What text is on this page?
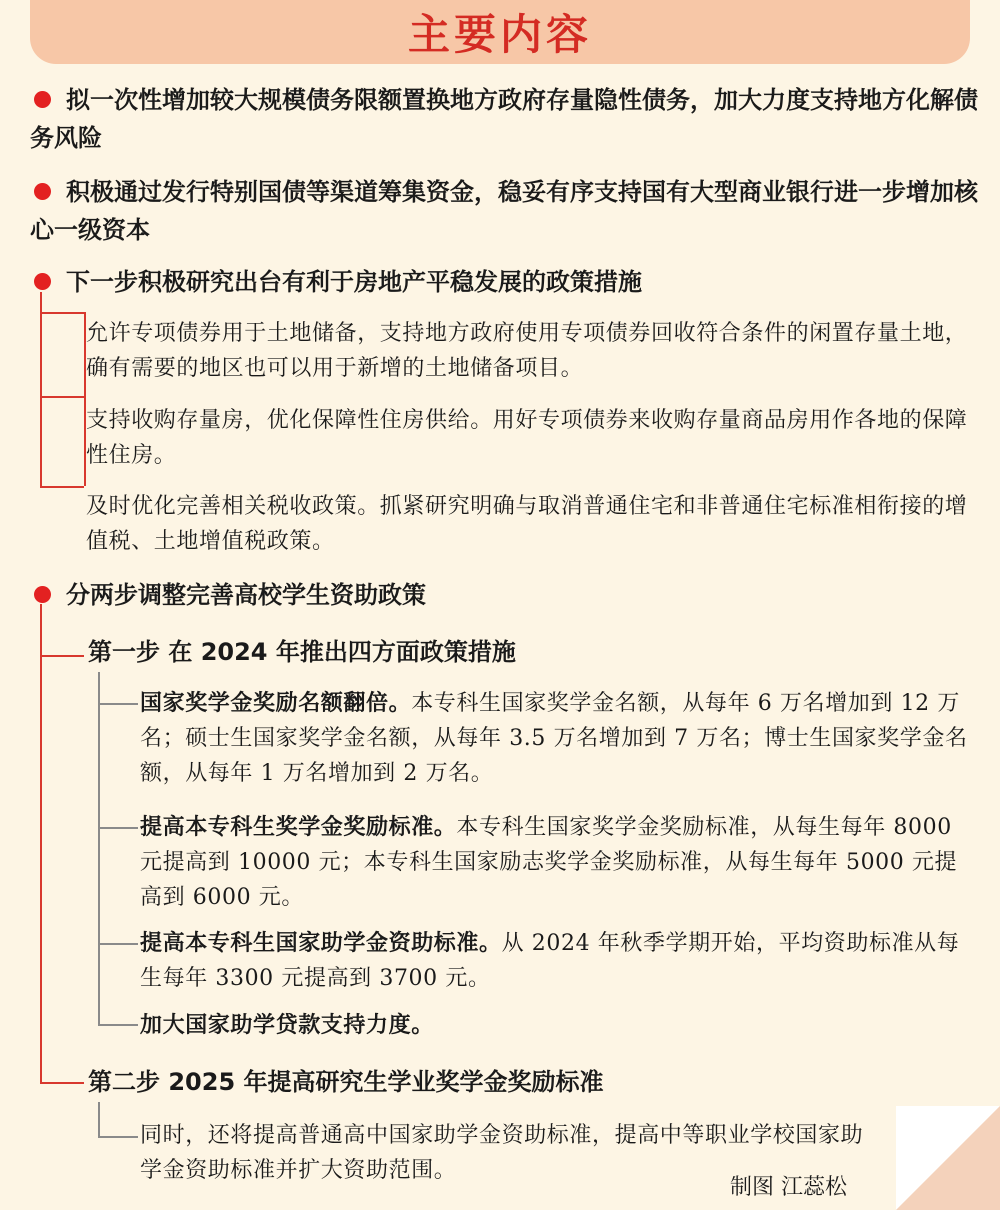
主要内容

拟一次性增加较大规模债务限额置换地方政府存量隐性债务，加大力度支持地方化解债务风险

积极通过发行特别国债等渠道筹集资金，稳妥有序支持国有大型商业银行进一步增加核心一级资本

下一步积极研究出台有利于房地产平稳发展的政策措施

允许专项债券用于土地储备，支持地方政府使用专项债券回收符合条件的闲置存量土地，确有需要的地区也可以用于新增的土地储备项目。

支持收购存量房，优化保障性住房供给。用好专项债券来收购存量商品房用作各地的保障性住房。

及时优化完善相关税收政策。抓紧研究明确与取消普通住宅和非普通住宅标准相衔接的增值税、土地增值税政策。

分两步调整完善高校学生资助政策

第一步 在 2024 年推出四方面政策措施

第二步 2025 年提高研究生学业奖学金奖励标准

国家奖学金奖励名额翻倍。本专科生国家奖学金名额，从每年 6 万名增加到 12 万名；硕士生国家奖学金名额，从每年 3.5 万名增加到 7 万名；博士生国家奖学金名额，从每年 1 万名增加到 2 万名。

提高本专科生奖学金奖励标准。本专科生国家奖学金奖励标准，从每生每年 8000 元提高到 10000 元；本专科生国家励志奖学金奖励标准，从每生每年 5000 元提高到 6000 元。

提高本专科生国家助学金资助标准。从 2024 年秋季学期开始，平均资助标准从每生每年 3300 元提高到 3700 元。

加大国家助学贷款支持力度。

同时，还将提高普通高中国家助学金资助标准，提高中等职业学校国家助学金资助标准并扩大资助范围。

制图 江蕊松
